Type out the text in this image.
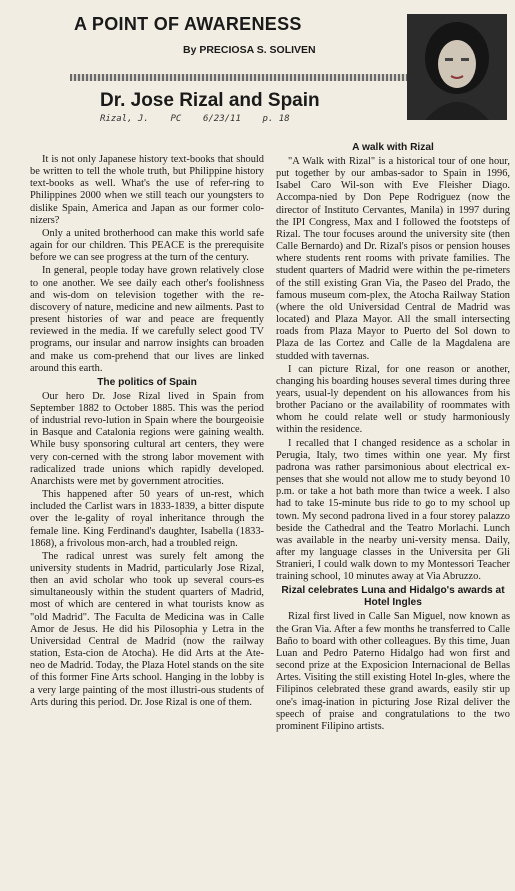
A POINT OF AWARENESS
By PRECIOSA S. SOLIVEN
Dr. Jose Rizal and Spain
Rizal, J.    PC    6/23/11    p. 18

It is not only Japanese history text-books that should be written to tell the whole truth, but Philippine history text-books as well. What's the use of refer-ring to Philippines 2000 when we still teach our youngsters to dislike Spain, America and Japan as our former colo-nizers?

Only a united brotherhood can make this world safe again for our children. This PEACE is the prerequisite before we can see progress at the turn of the century.

In general, people today have grown relatively close to one another. We see daily each other's foolishness and wis-dom on television together with the re-discovery of nature, medicine and new ailments. Past to present histories of war and peace are frequently reviewed in the media. If we carefully select good TV programs, our insular and narrow insights can broaden and make us com-prehend that our lives are linked around this earth.

The politics of Spain

Our hero Dr. Jose Rizal lived in Spain from September 1882 to October 1885. This was the period of industrial revo-lution in Spain where the bourgeoisie in Basque and Catalonia regions were gaining wealth. While busy sponsoring cultural art centers, they were very con-cerned with the strong labor movement with radicalized trade unions which rapidly developed. Anarchists were met by government atrocities.

This happened after 50 years of un-rest, which included the Carlist wars in 1833-1839, a bitter dispute over the le-gality of royal inheritance through the female line. King Ferdinand's daughter, Isabella (1833-1868), a frivolous mon-arch, had a troubled reign.

The radical unrest was surely felt among the university students in Madrid, particularly Jose Rizal, then an avid scholar who took up several cours-es simultaneously within the student quarters of Madrid, most of which are centered in what tourists know as "old Madrid". The Faculta de Medicina was in Calle Amor de Jesus. He did his Pilosophia y Letra in the Universidad Central de Madrid (now the railway station, Esta-cion de Atocha). He did Arts at the Ate-neo de Madrid. Today, the Plaza Hotel stands on the site of this former Fine Arts school. Hanging in the lobby is a very large painting of the most illustri-ous students of Arts during this period. Dr. Jose Rizal is one of them.

A walk with Rizal

"A Walk with Rizal" is a historical tour of one hour, put together by our ambas-sador to Spain in 1996, Isabel Caro Wil-son with Eve Fleisher Diago. Accompa-nied by Don Pepe Rodriguez (now the director of Instituto Cervantes, Manila) in 1997 during the IPI Congress, Max and I followed the footsteps of Rizal. The tour focuses around the university site (then Calle Bernardo) and Dr. Rizal's pisos or pension houses where students rent rooms with private families. The student quarters of Madrid were within the pe-rimeters of the still existing Gran Via, the Paseo del Prado, the famous museum com-plex, the Atocha Railway Station (where the old Universidad Central de Madrid was located) and Plaza Mayor. All the small intersecting roads from Plaza Mayor to Puerto del Sol down to Plaza de las Cortez and Calle de la Magdalena are studded with tavernas.

I can picture Rizal, for one reason or another, changing his boarding houses several times during three years, usual-ly dependent on his allowances from his brother Paciano or the availability of roommates with whom he could relate well or study harmoniously within the residence.

I recalled that I changed residence as a scholar in Perugia, Italy, two times within one year. My first padrona was rather parsimonious about electrical ex-penses that she would not allow me to study beyond 10 p.m. or take a hot bath more than twice a week. I also had to take 15-minute bus ride to go to my school up town. My second padrona lived in a four storey palazzo beside the Cathedral and the Teatro Morlachi. Lunch was available in the nearby uni-versity mensa. Daily, after my language classes in the Universita per Gli Stranieri, I could walk down to my Montessori Teacher training school, 10 minutes away at Via Abruzzo.

Rizal celebrates Luna and Hidalgo's awards at Hotel Ingles

Rizal first lived in Calle San Miguel, now known as the Gran Via. After a few months he transferred to Calle Baño to board with other colleagues. By this time, Juan Luan and Pedro Paterno Hidalgo had won first and second prize at the Exposicion Internacional de Bellas Artes. Visiting the still existing Hotel In-gles, where the Filipinos celebrated these grand awards, easily stir up one's imag-ination in picturing Jose Rizal deliver the speech of praise and congratulations to the two prominent Filipino artists.
